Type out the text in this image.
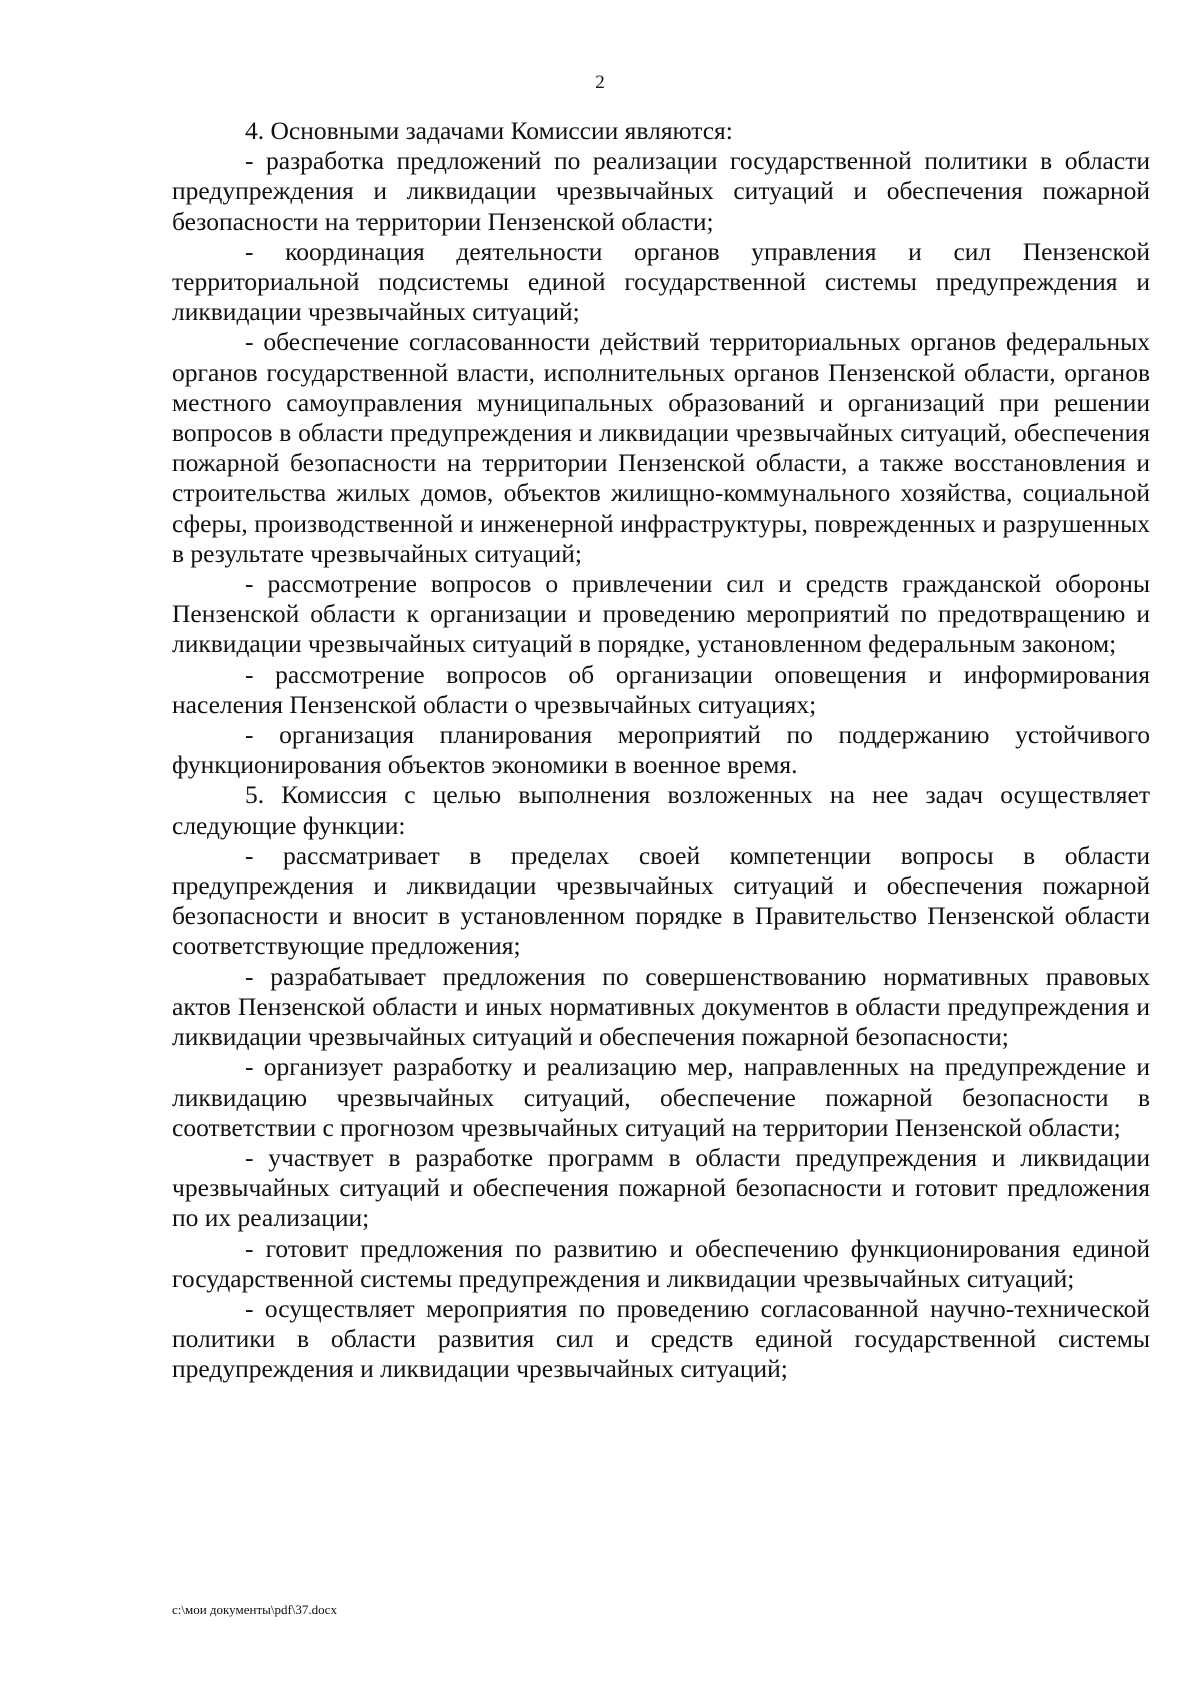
2

4. Основными задачами Комиссии являются:

- разработка предложений по реализации государственной политики в области предупреждения и ликвидации чрезвычайных ситуаций и обеспечения пожарной безопасности на территории Пензенской области;

- координация деятельности органов управления и сил Пензенской территориальной подсистемы единой государственной системы предупреждения и ликвидации чрезвычайных ситуаций;

- обеспечение согласованности действий территориальных органов федеральных органов государственной власти, исполнительных органов Пензенской области, органов местного самоуправления муниципальных образований и организаций при решении вопросов в области предупреждения и ликвидации чрезвычайных ситуаций, обеспечения пожарной безопасности на территории Пензенской области, а также восстановления и строительства жилых домов, объектов жилищно-коммунального хозяйства, социальной сферы, производственной и инженерной инфраструктуры, поврежденных и разрушенных в результате чрезвычайных ситуаций;

- рассмотрение вопросов о привлечении сил и средств гражданской обороны Пензенской области к организации и проведению мероприятий по предотвращению и ликвидации чрезвычайных ситуаций в порядке, установленном федеральным законом;

- рассмотрение вопросов об организации оповещения и информирования населения Пензенской области о чрезвычайных ситуациях;

- организация планирования мероприятий по поддержанию устойчивого функционирования объектов экономики в военное время.

5. Комиссия с целью выполнения возложенных на нее задач осуществляет следующие функции:

- рассматривает в пределах своей компетенции вопросы в области предупреждения и ликвидации чрезвычайных ситуаций и обеспечения пожарной безопасности и вносит в установленном порядке в Правительство Пензенской области соответствующие предложения;

- разрабатывает предложения по совершенствованию нормативных правовых актов Пензенской области и иных нормативных документов в области предупреждения и ликвидации чрезвычайных ситуаций и обеспечения пожарной безопасности;

- организует разработку и реализацию мер, направленных на предупреждение и ликвидацию чрезвычайных ситуаций, обеспечение пожарной безопасности в соответствии с прогнозом чрезвычайных ситуаций на территории Пензенской области;

- участвует в разработке программ в области предупреждения и ликвидации чрезвычайных ситуаций и обеспечения пожарной безопасности и готовит предложения по их реализации;

- готовит предложения по развитию и обеспечению функционирования единой государственной системы предупреждения и ликвидации чрезвычайных ситуаций;

- осуществляет мероприятия по проведению согласованной научно-технической политики в области развития сил и средств единой государственной системы предупреждения и ликвидации чрезвычайных ситуаций;

c:\мои документы\pdf\37.docx
